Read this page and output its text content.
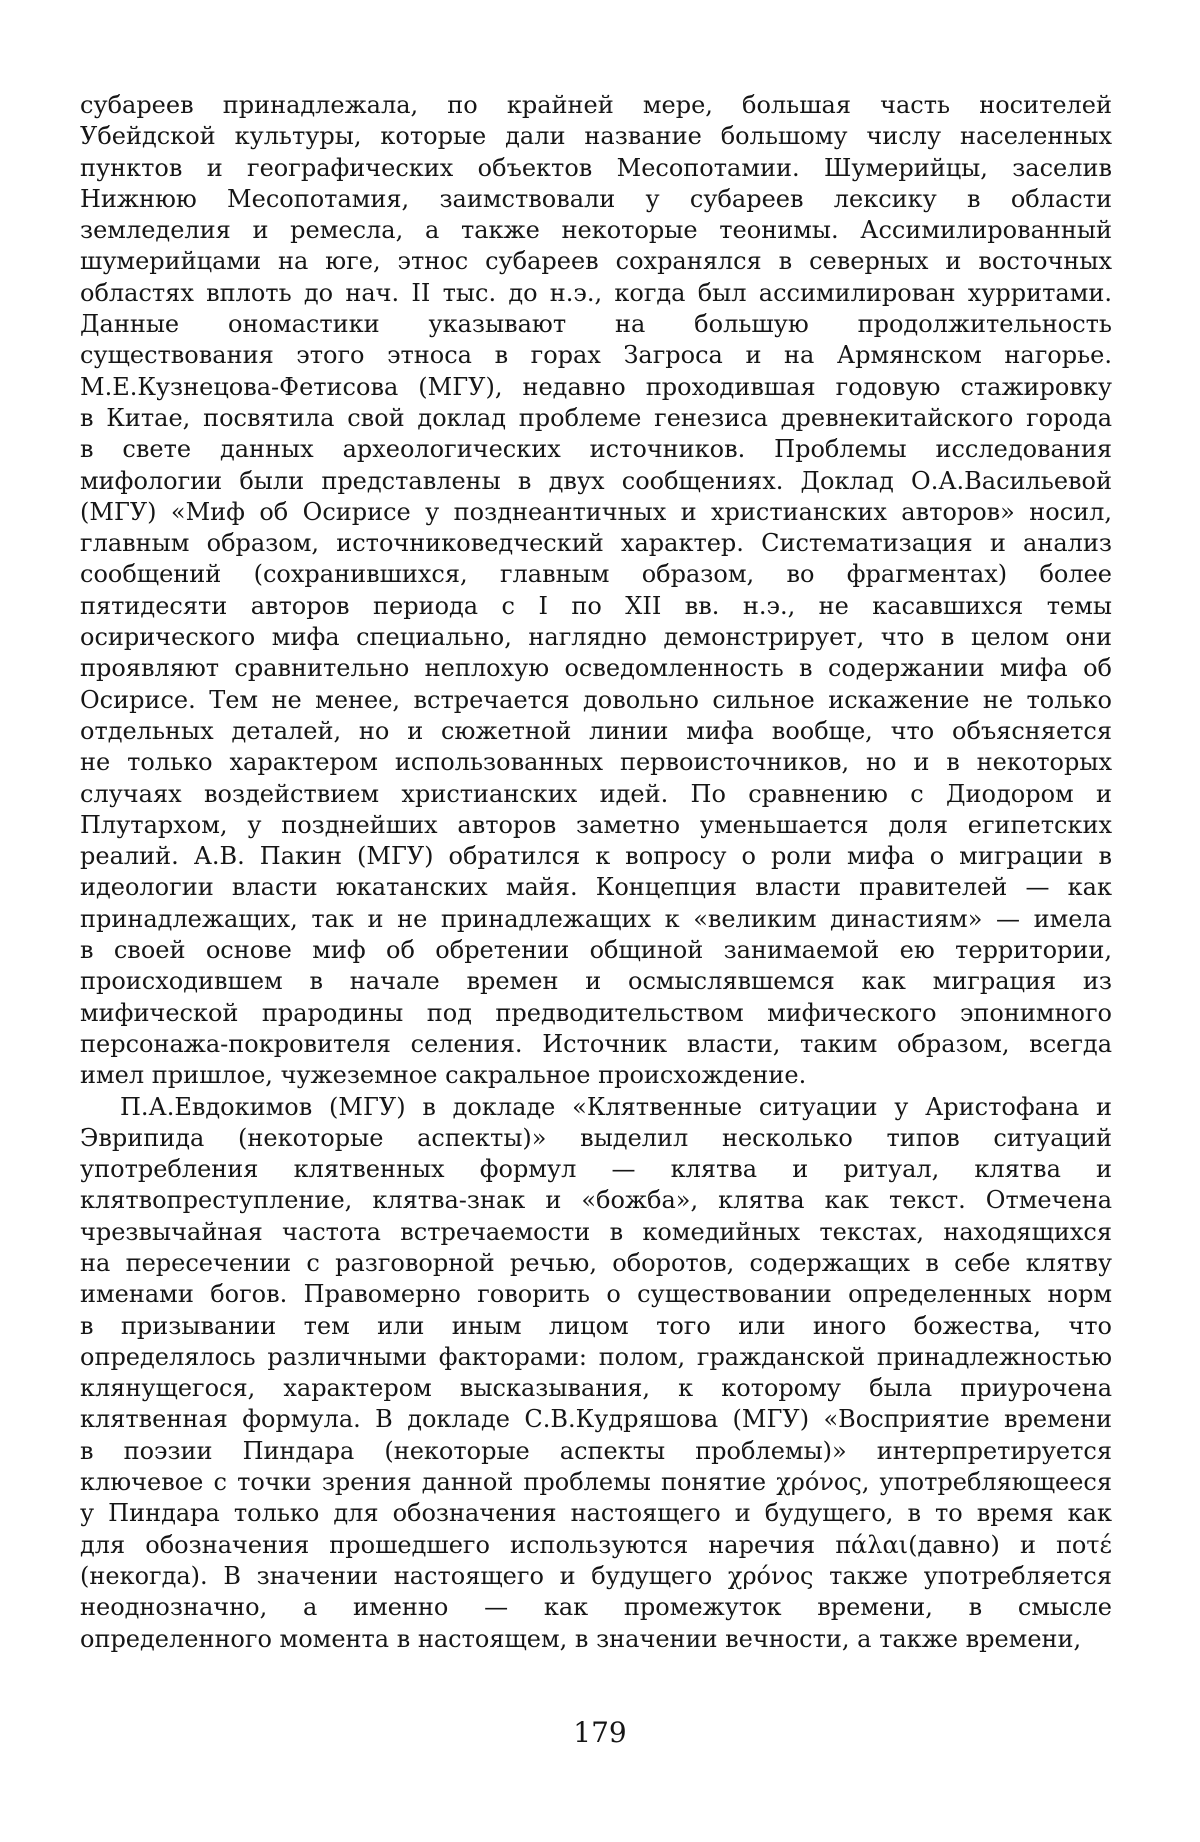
субареев принадлежала, по крайней мере, большая часть носителей
Убейдской культуры, которые дали название большому числу населенных
пунктов и географических объектов Месопотамии. Шумерийцы, заселив
Нижнюю Месопотамия, заимствовали у субареев лексику в области
земледелия и ремесла, а также некоторые теонимы. Ассимилированный
шумерийцами на юге, этнос субареев сохранялся в северных и восточных
областях вплоть до нач. II тыс. до н.э., когда был ассимилирован хурритами.
Данные ономастики указывают на большую продолжительность
существования этого этноса в горах Загроса и на Армянском нагорье.
М.Е.Кузнецова-Фетисова (МГУ), недавно проходившая годовую стажировку
в Китае, посвятила свой доклад проблеме генезиса древнекитайского города
в свете данных археологических источников. Проблемы исследования
мифологии были представлены в двух сообщениях. Доклад О.А.Васильевой
(МГУ) «Миф об Осирисе у позднеантичных и христианских авторов» носил,
главным образом, источниковедческий характер. Систематизация и анализ
сообщений (сохранившихся, главным образом, во фрагментах) более
пятидесяти авторов периода с I по XII вв. н.э., не касавшихся темы
осирического мифа специально, наглядно демонстрирует, что в целом они
проявляют сравнительно неплохую осведомленность в содержании мифа об
Осирисе. Тем не менее, встречается довольно сильное искажение не только
отдельных деталей, но и сюжетной линии мифа вообще, что объясняется
не только характером использованных первоисточников, но и в некоторых
случаях воздействием христианских идей. По сравнению с Диодором и
Плутархом, у позднейших авторов заметно уменьшается доля египетских
реалий. А.В. Пакин (МГУ) обратился к вопросу о роли мифа о миграции в
идеологии власти юкатанских майя. Концепция власти правителей — как
принадлежащих, так и не принадлежащих к «великим династиям» — имела
в своей основе миф об обретении общиной занимаемой ею территории,
происходившем в начале времен и осмыслявшемся как миграция из
мифической прародины под предводительством мифического эпонимного
персонажа-покровителя селения. Источник власти, таким образом, всегда
имел пришлое, чужеземное сакральное происхождение.
П.А.Евдокимов (МГУ) в докладе «Клятвенные ситуации у Аристофана и
Эврипида (некоторые аспекты)» выделил несколько типов ситуаций
употребления клятвенных формул — клятва и ритуал, клятва и
клятвопреступление, клятва-знак и «божба», клятва как текст. Отмечена
чрезвычайная частота встречаемости в комедийных текстах, находящихся
на пересечении с разговорной речью, оборотов, содержащих в себе клятву
именами богов. Правомерно говорить о существовании определенных норм
в призывании тем или иным лицом того или иного божества, что
определялось различными факторами: полом, гражданской принадлежностью
клянущегося, характером высказывания, к которому была приурочена
клятвенная формула. В докладе С.В.Кудряшова (МГУ) «Восприятие времени
в поэзии Пиндара (некоторые аспекты проблемы)» интерпретируется
ключевое с точки зрения данной проблемы понятие χρόνος, употребляющееся
у Пиндара только для обозначения настоящего и будущего, в то время как
для обозначения прошедшего используются наречия πάλαι(давно) и ποτέ
(некогда). В значении настоящего и будущего χρόνος также употребляется
неоднозначно, а именно — как промежуток времени, в смысле
определенного момента в настоящем, в значении вечности, а также времени,
179
